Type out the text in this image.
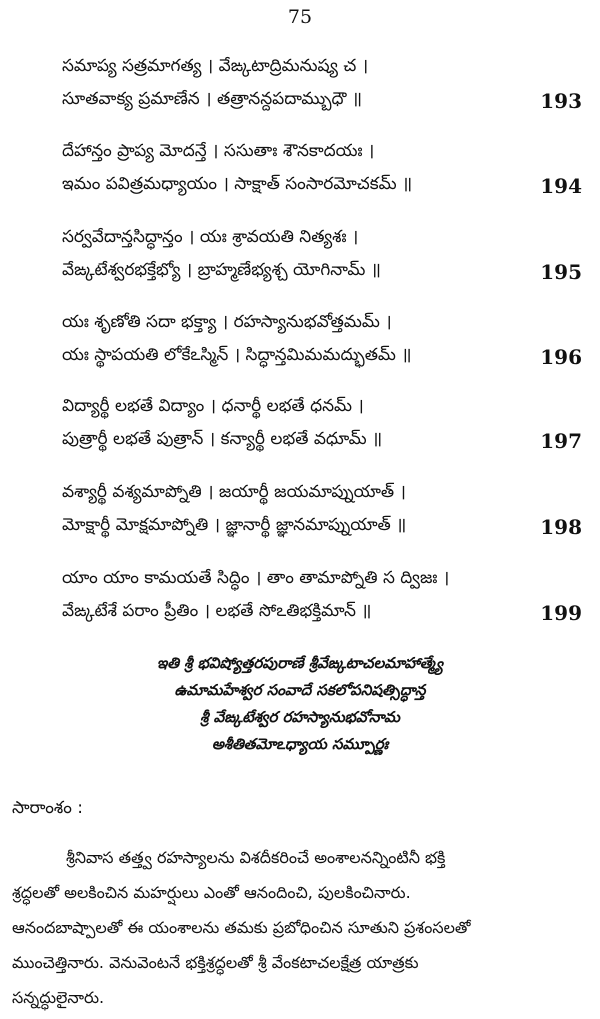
75
సమాప్య సత్రమాగత్య । వేఙ్కటాద్రిమనుష్య చ ।
సూతవాక్య ప్రమాణేన । తత్రానన్దపదామ్బుధౌ ॥	193
దేహాన్తం ప్రాప్య మోదన్తే । ససుతాః శౌనకాదయః ।
ఇమం పవిత్రమధ్యాయం । సాక్షాత్ సంసారమోచకమ్ ॥	194
సర్వవేదాన్తసిద్ధాన్తం । యః శ్రావయతి నిత్యశః ।
వేఙ్కటేశ్వరభక్తేభ్యో । బ్రాహ్మణేభ్యశ్చ యోగినామ్ ॥	195
యః శృణోతి సదా భక్త్యా । రహస్యానుభవోత్తమమ్ ।
యః స్థాపయతి లోకేఽస్మిన్ । సిద్ధాన్తమిమమద్భుతమ్ ॥	196
విద్యార్థీ లభతే విద్యాం । ధనార్థీ లభతే ధనమ్ ।
పుత్రార్థీ లభతే పుత్రాన్ । కన్యార్థీ లభతే వధూమ్ ॥	197
వశ్యార్థీ వశ్యమాప్నోతి । జయార్థీ జయమాప్నుయాత్ ।
మోక్షార్థీ మోక్షమాప్నోతి । జ్ఞానార్థీ జ్ఞానమాప్నుయాత్ ॥	198
యాం యాం కామయతే సిద్ధిం । తాం తామాప్నోతి స ద్విజః ।
వేఙ్కటేశే పరాం ప్రీతిం । లభతే సోఽతిభక్తిమాన్ ॥	199
ఇతి శ్రీ భవిష్యోత్తరపురాణే శ్రీవేఙ్కటాచలమాహాత్మ్యే
ఉమామహేశ్వర సంవాదే సకలోపనిషత్సిద్ధాన్త
శ్రీ వేఙ్కటేశ్వర రహస్యానుభవోనామ
అశీతితమోఽధ్యాయ సమ్పూర్ణః
సారాంశం :
శ్రీనివాస తత్త్వ రహస్యాలను విశదీకరించే అంశాలనన్నింటినీ భక్తి
శ్రద్ధలతో అలకించిన మహర్షులు ఎంతో ఆనందించి, పులకించినారు.
ఆనందబాష్పాలతో ఈ యంశాలను తమకు ప్రబోధించిన సూతుని ప్రశంసలతో
ముంచెత్తినారు. వెనువెంటనే భక్తిశ్రద్ధలతో శ్రీ వేంకటాచలక్షేత్ర యాత్రకు
సన్నద్ధులైనారు.
